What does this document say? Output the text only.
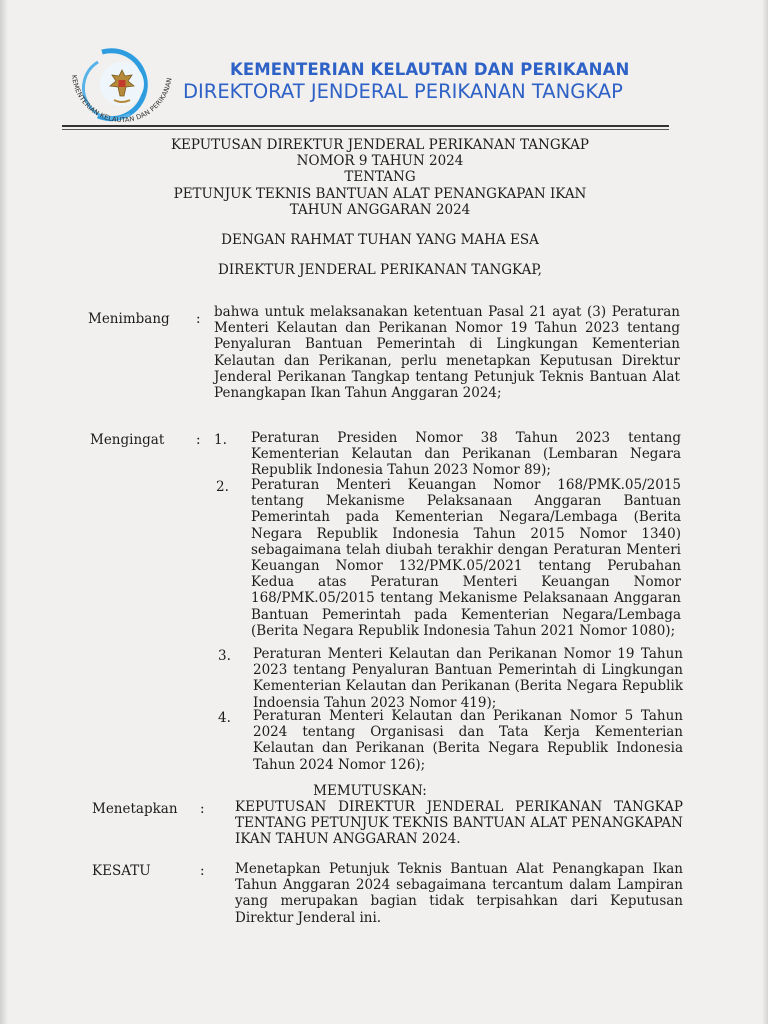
KEMENTERIAN KELAUTAN DAN PERIKANAN
KEMENTERIAN KELAUTAN DAN PERIKANAN
DIREKTORAT JENDERAL PERIKANAN TANGKAP
KEPUTUSAN DIREKTUR JENDERAL PERIKANAN TANGKAP
NOMOR 9 TAHUN 2024
TENTANG
PETUNJUK TEKNIS BANTUAN ALAT PENANGKAPAN IKAN
TAHUN ANGGARAN 2024
DENGAN RAHMAT TUHAN YANG MAHA ESA
DIREKTUR JENDERAL PERIKANAN TANGKAP,
Menimbang : bahwa untuk melaksanakan ketentuan Pasal 21 ayat (3) Peraturan Menteri Kelautan dan Perikanan Nomor 19 Tahun 2023 tentang Penyaluran Bantuan Pemerintah di Lingkungan Kementerian Kelautan dan Perikanan, perlu menetapkan Keputusan Direktur Jenderal Perikanan Tangkap tentang Petunjuk Teknis Bantuan Alat Penangkapan Ikan Tahun Anggaran 2024;
Mengingat : 1. Peraturan Presiden Nomor 38 Tahun 2023 tentang Kementerian Kelautan dan Perikanan (Lembaran Negara Republik Indonesia Tahun 2023 Nomor 89);
2. Peraturan Menteri Keuangan Nomor 168/PMK.05/2015 tentang Mekanisme Pelaksanaan Anggaran Bantuan Pemerintah pada Kementerian Negara/Lembaga (Berita Negara Republik Indonesia Tahun 2015 Nomor 1340) sebagaimana telah diubah terakhir dengan Peraturan Menteri Keuangan Nomor 132/PMK.05/2021 tentang Perubahan Kedua atas Peraturan Menteri Keuangan Nomor 168/PMK.05/2015 tentang Mekanisme Pelaksanaan Anggaran Bantuan Pemerintah pada Kementerian Negara/Lembaga (Berita Negara Republik Indonesia Tahun 2021 Nomor 1080);
3. Peraturan Menteri Kelautan dan Perikanan Nomor 19 Tahun 2023 tentang Penyaluran Bantuan Pemerintah di Lingkungan Kementerian Kelautan dan Perikanan (Berita Negara Republik Indoensia Tahun 2023 Nomor 419);
4. Peraturan Menteri Kelautan dan Perikanan Nomor 5 Tahun 2024 tentang Organisasi dan Tata Kerja Kementerian Kelautan dan Perikanan (Berita Negara Republik Indonesia Tahun 2024 Nomor 126);
MEMUTUSKAN:
Menetapkan : KEPUTUSAN DIREKTUR JENDERAL PERIKANAN TANGKAP TENTANG PETUNJUK TEKNIS BANTUAN ALAT PENANGKAPAN IKAN TAHUN ANGGARAN 2024.
KESATU	: Menetapkan Petunjuk Teknis Bantuan Alat Penangkapan Ikan Tahun Anggaran 2024 sebagaimana tercantum dalam Lampiran yang merupakan bagian tidak terpisahkan dari Keputusan Direktur Jenderal ini.
